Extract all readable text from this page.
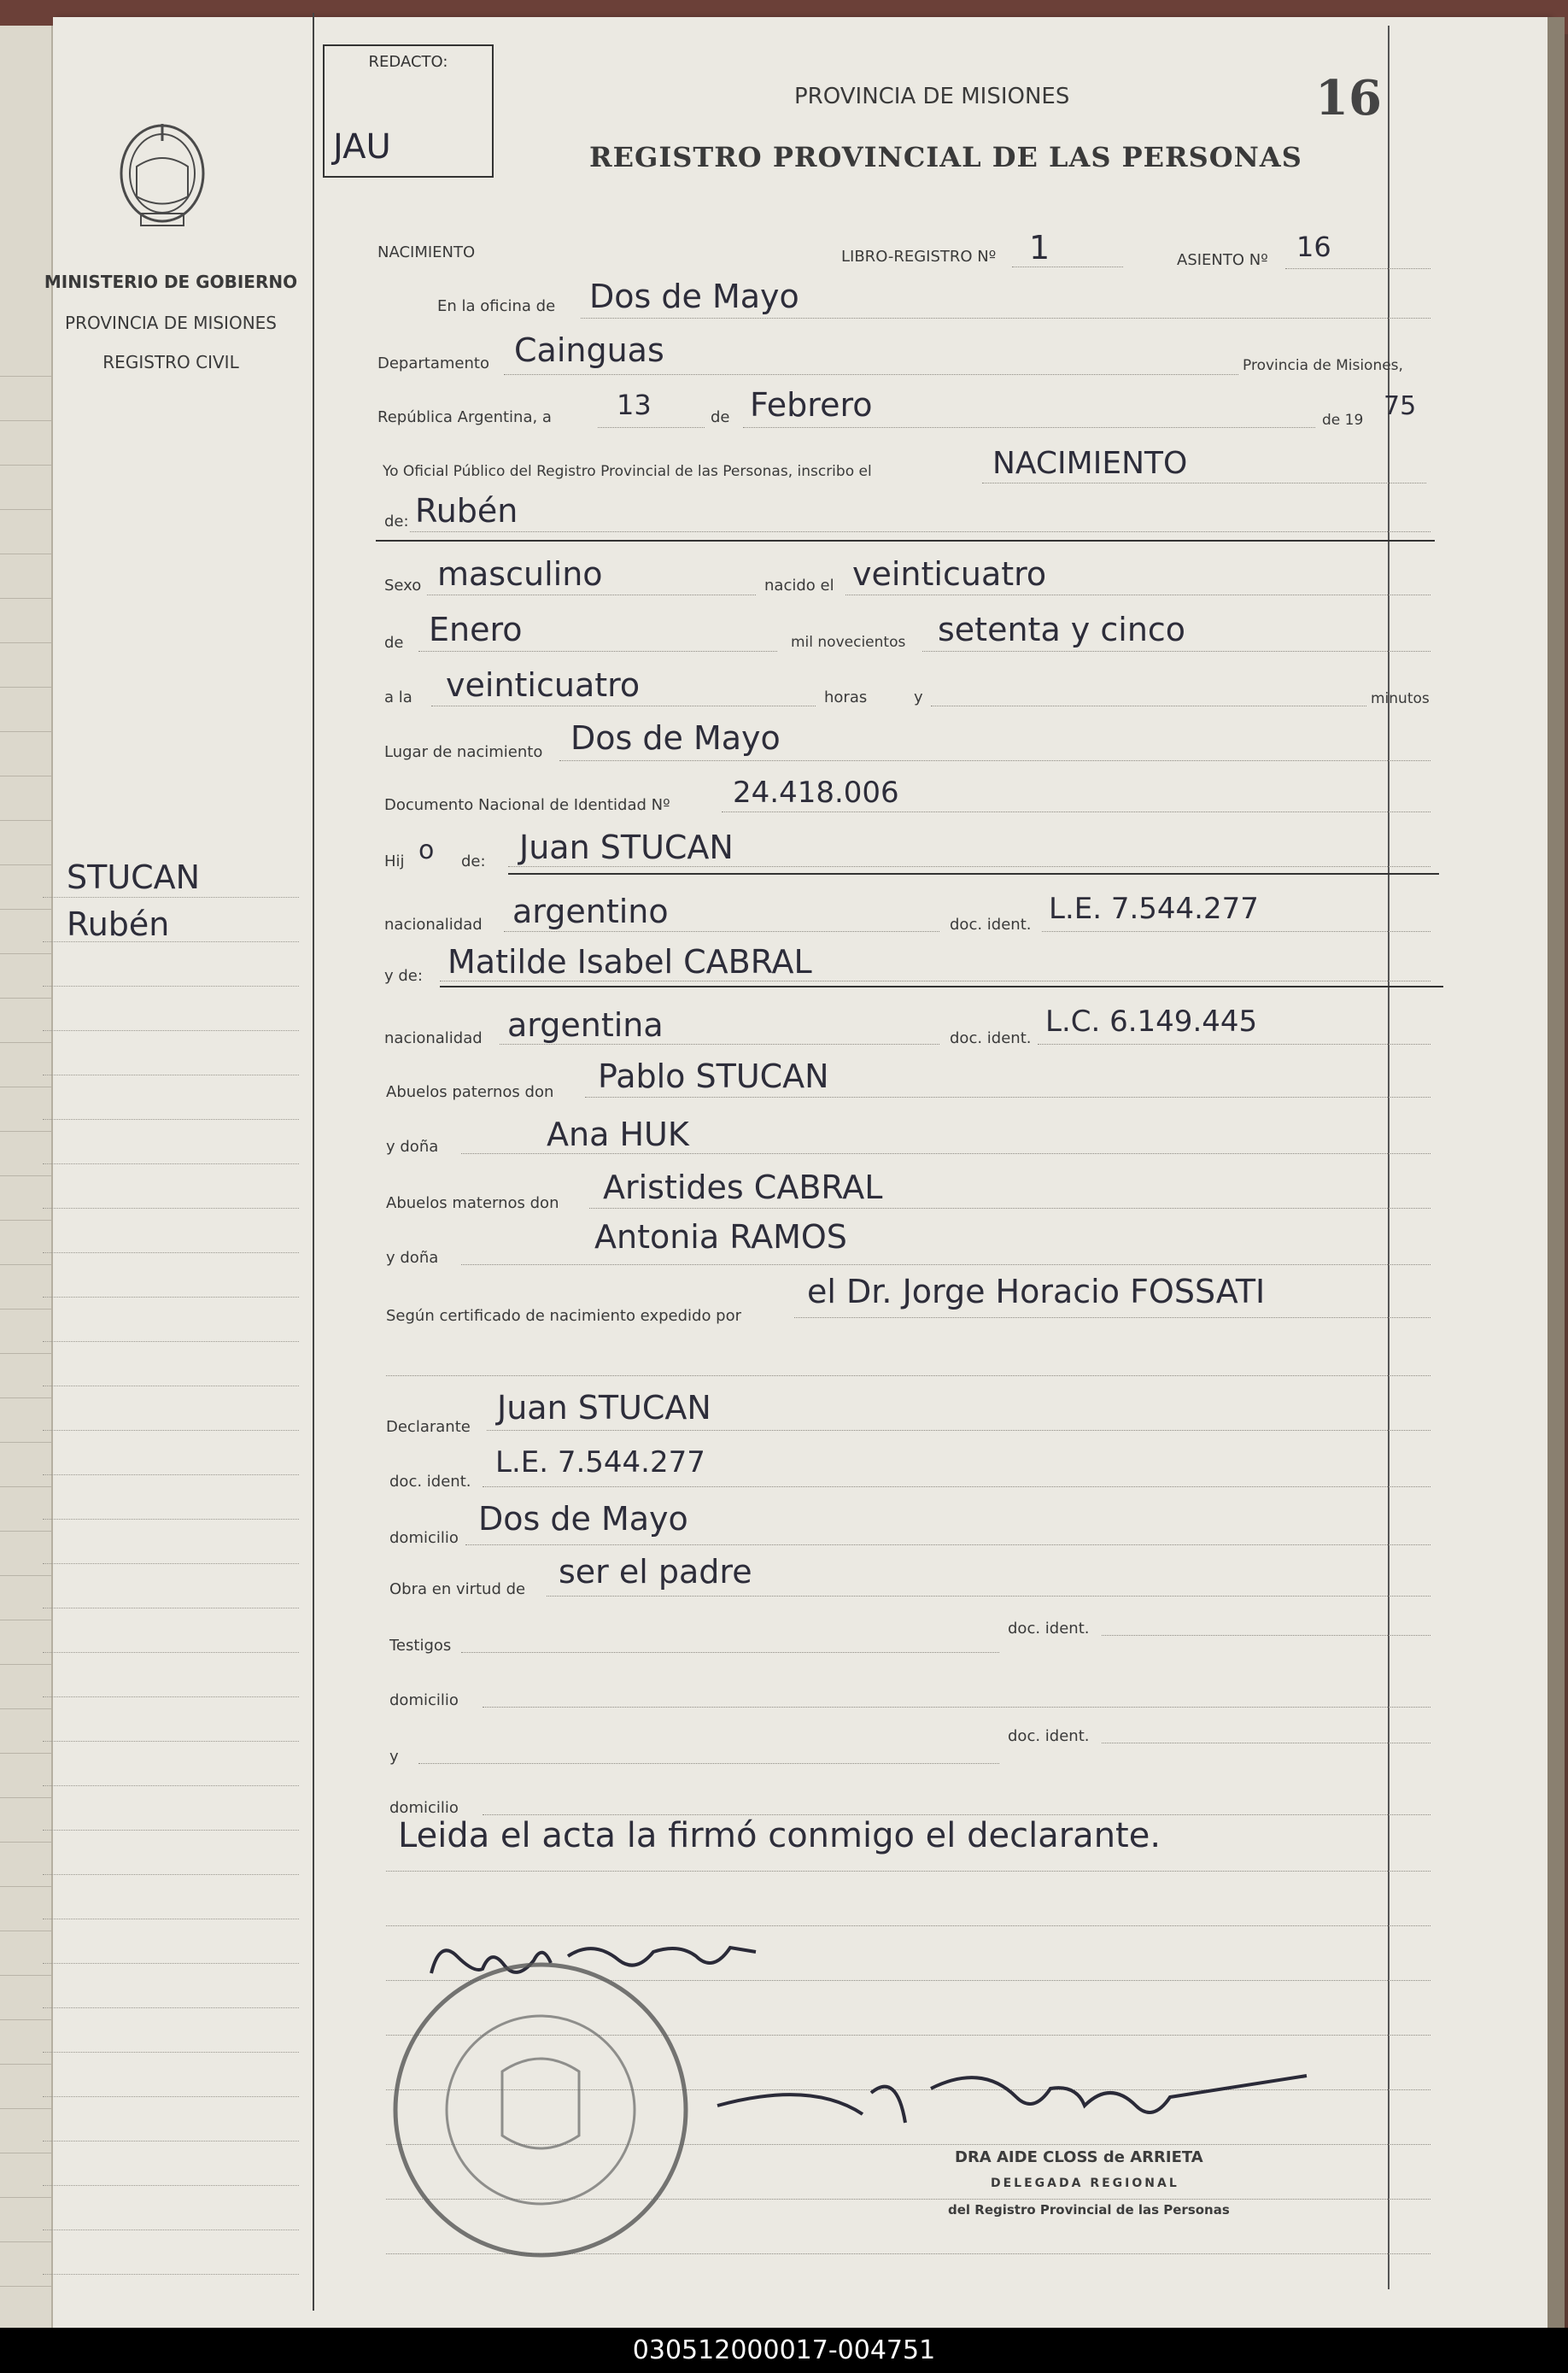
MINISTERIO DE GOBIERNO
PROVINCIA DE MISIONES
REGISTRO CIVIL
STUCAN
Rubén
REDACTO:
JAU
PROVINCIA DE MISIONES
REGISTRO PROVINCIAL DE LAS PERSONAS
16
NACIMIENTO	LIBRO-REGISTRO Nº 1	ASIENTO Nº 16
En la oficina de Dos de Mayo
Departamento Cainguas	Provincia de Misiones,
República Argentina, a 13	de Febrero	de 19 75
Yo Oficial Público del Registro Provincial de las Personas, inscribo el	NACIMIENTO
de: Rubén
Sexo masculino	nacido el veinticuatro
de Enero	mil novecientos setenta y cinco
a la veinticuatro	horas	y	minutos
Lugar de nacimiento Dos de Mayo
Documento Nacional de Identidad Nº 24.418.006
Hij o de: Juan STUCAN
nacionalidad argentino	doc. ident. L.E. 7.544.277
y de: Matilde Isabel CABRAL
nacionalidad argentina	doc. ident. L.C. 6.149.445
Abuelos paternos don Pablo STUCAN
y doña	Ana HUK
Abuelos maternos don Aristides CABRAL
y doña
Antonia RAMOS
Según certificado de nacimiento expedido por
el Dr. Jorge Horacio FOSSATI
Declarante
Juan STUCAN
doc. ident.
L.E. 7.544.277
domicilio
Dos de Mayo
Obra en virtud de ser el padre
Testigos
doc. ident.
domicilio
y
doc. ident.
domicilio
Leida el acta la firmó conmigo el declarante.
DRA AIDE CLOSS de ARRIETA
DELEGADA REGIONAL
del Registro Provincial de las Personas
030512000017-004751
